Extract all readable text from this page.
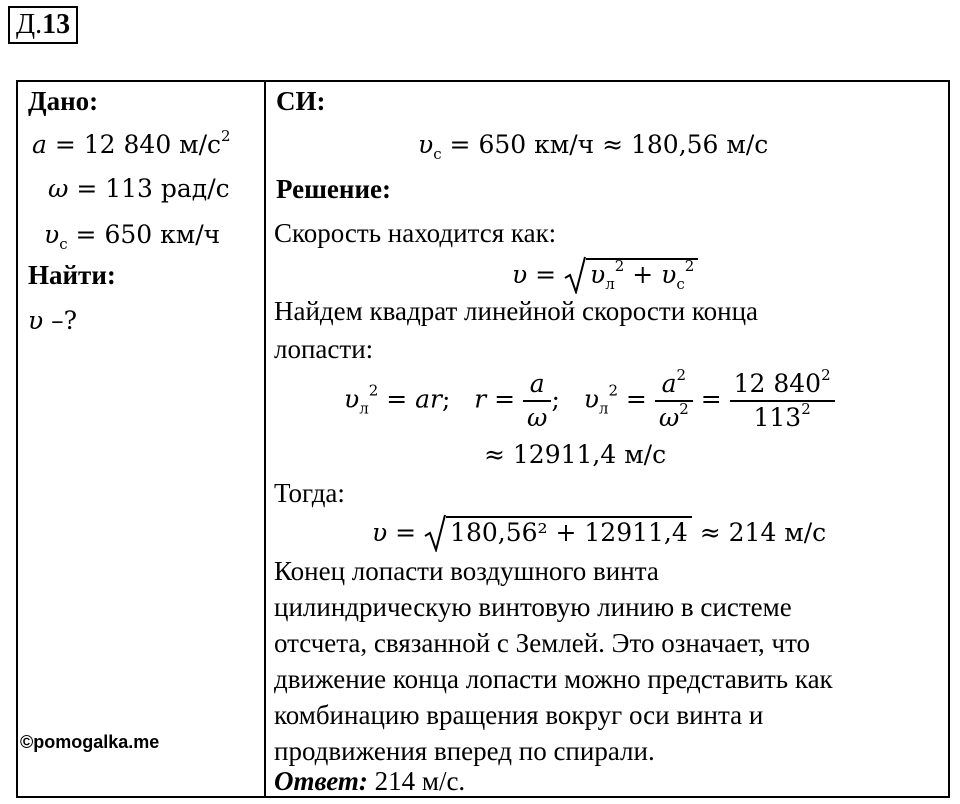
Д.13
Дано:
a = 12 840 $м/с^2$
ω = 113 рад/с
$\upsilon_с = 650$ км/ч
Найти:
υ –?
©pomogalka.me
СИ:
$\upsilon_с = 650$ км/ч ≈ 180,56 м/с
Решение:
Скорость находится как:
υ =
$\upsilon_л^2 + \upsilon_с^2$
Найдем квадрат линейной скорости конца
лопасти:
$\upsilon_л^2$ = ar;   $r = \frac{a}{\omega}$ ;   $\upsilon_л^2 = \frac{a^2}{\omega^2} = \frac{12 840^2}{113^2}$
≈ 12911,4 м/с
Тогда:
υ =
180,56² + 12911,4 ≈ 214 м/с
Конец лопасти воздушного винта
цилиндрическую винтовую линию в системе
отсчета, связанной с Землей. Это означает, что
движение конца лопасти можно представить как
комбинацию вращения вокруг оси винта и
продвижения вперед по спирали.
Ответ: 214 м/с.
